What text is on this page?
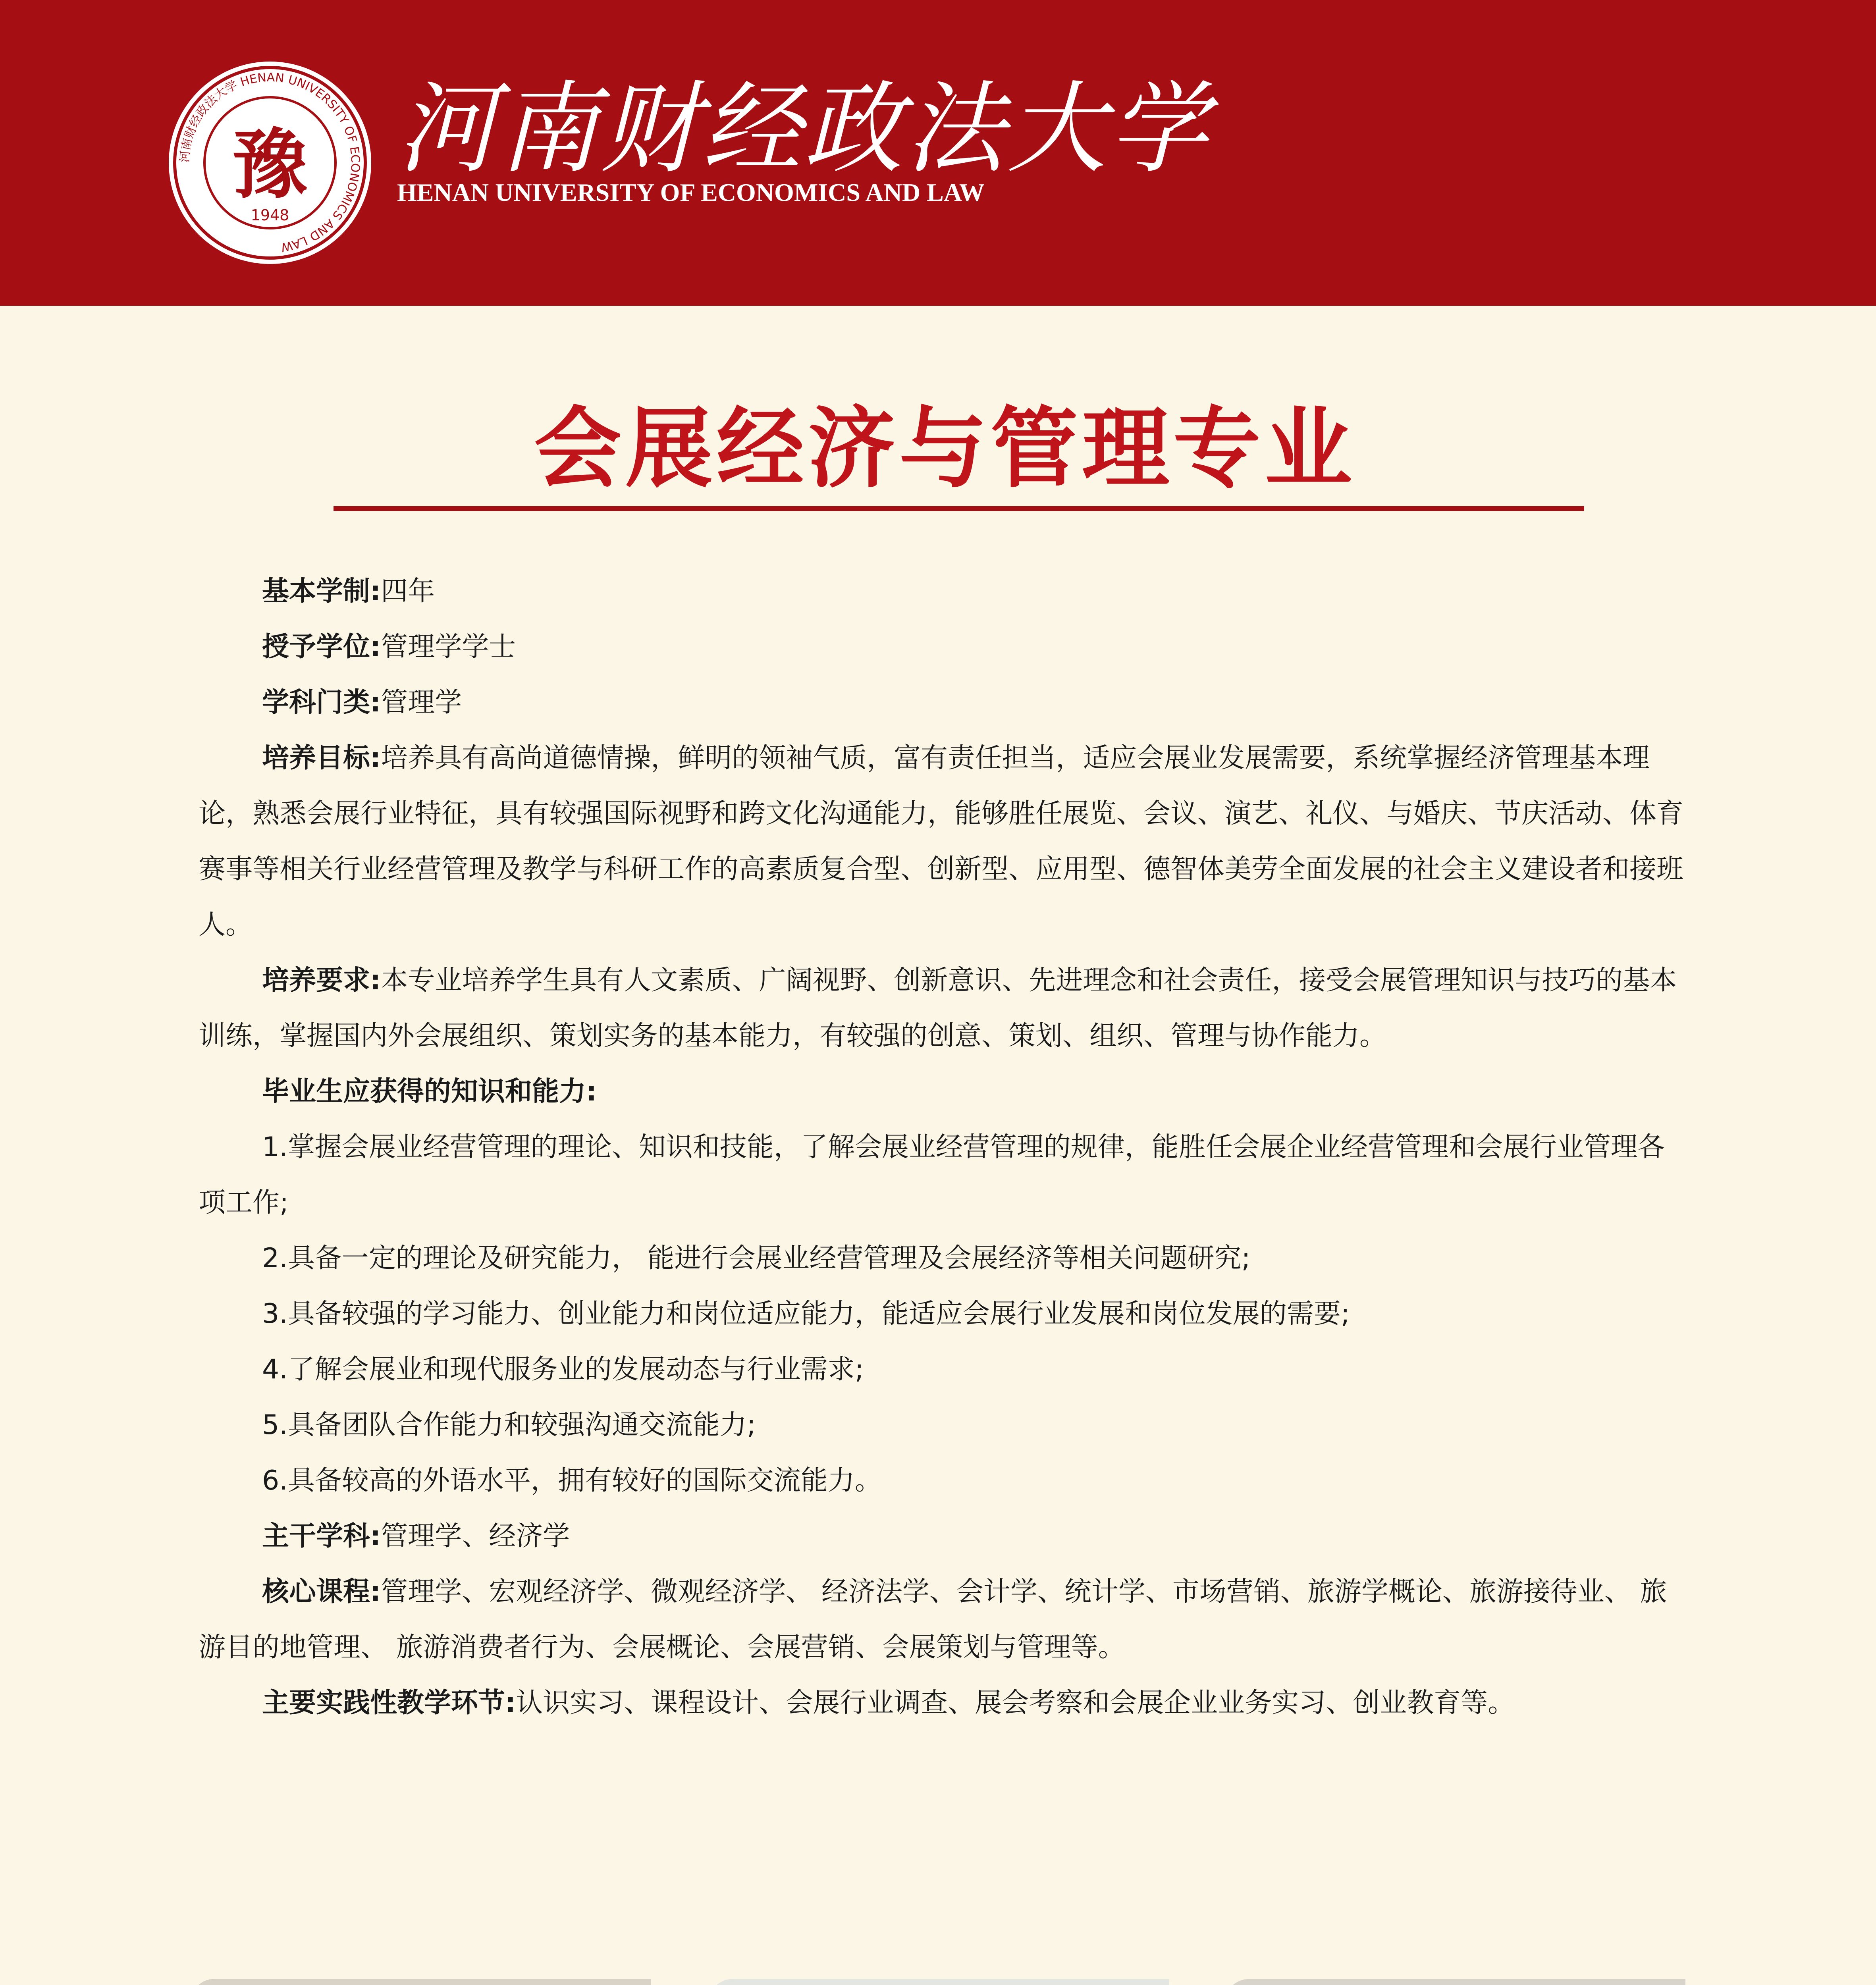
河南财经政法大学 HENAN UNIVERSITY OF ECONOMICS AND LAW
豫
1948
河南财经政法大学
HENAN UNIVERSITY OF ECONOMICS AND LAW
会展经济与管理专业

基本学制:四年

授予学位:管理学学士

学科门类:管理学

培养目标:培养具有高尚道德情操，鲜明的领袖气质，富有责任担当，适应会展业发展需要，系统掌握经济管理基本理论，熟悉会展行业特征，具有较强国际视野和跨文化沟通能力，能够胜任展览、会议、演艺、礼仪、与婚庆、节庆活动、体育赛事等相关行业经营管理及教学与科研工作的高素质复合型、创新型、应用型、德智体美劳全面发展的社会主义建设者和接班人。

培养要求:本专业培养学生具有人文素质、广阔视野、创新意识、先进理念和社会责任，接受会展管理知识与技巧的基本训练，掌握国内外会展组织、策划实务的基本能力，有较强的创意、策划、组织、管理与协作能力。

毕业生应获得的知识和能力:

1.掌握会展业经营管理的理论、知识和技能，了解会展业经营管理的规律，能胜任会展企业经营管理和会展行业管理各项工作;

2.具备一定的理论及研究能力， 能进行会展业经营管理及会展经济等相关问题研究;

3.具备较强的学习能力、创业能力和岗位适应能力，能适应会展行业发展和岗位发展的需要;

4.了解会展业和现代服务业的发展动态与行业需求;

5.具备团队合作能力和较强沟通交流能力;

6.具备较高的外语水平，拥有较好的国际交流能力。

主干学科:管理学、经济学

核心课程:管理学、宏观经济学、微观经济学、 经济法学、会计学、统计学、市场营销、旅游学概论、旅游接待业、 旅游目的地管理、 旅游消费者行为、会展概论、会展营销、会展策划与管理等。

主要实践性教学环节:认识实习、课程设计、会展行业调查、展会考察和会展企业业务实习、创业教育等。
